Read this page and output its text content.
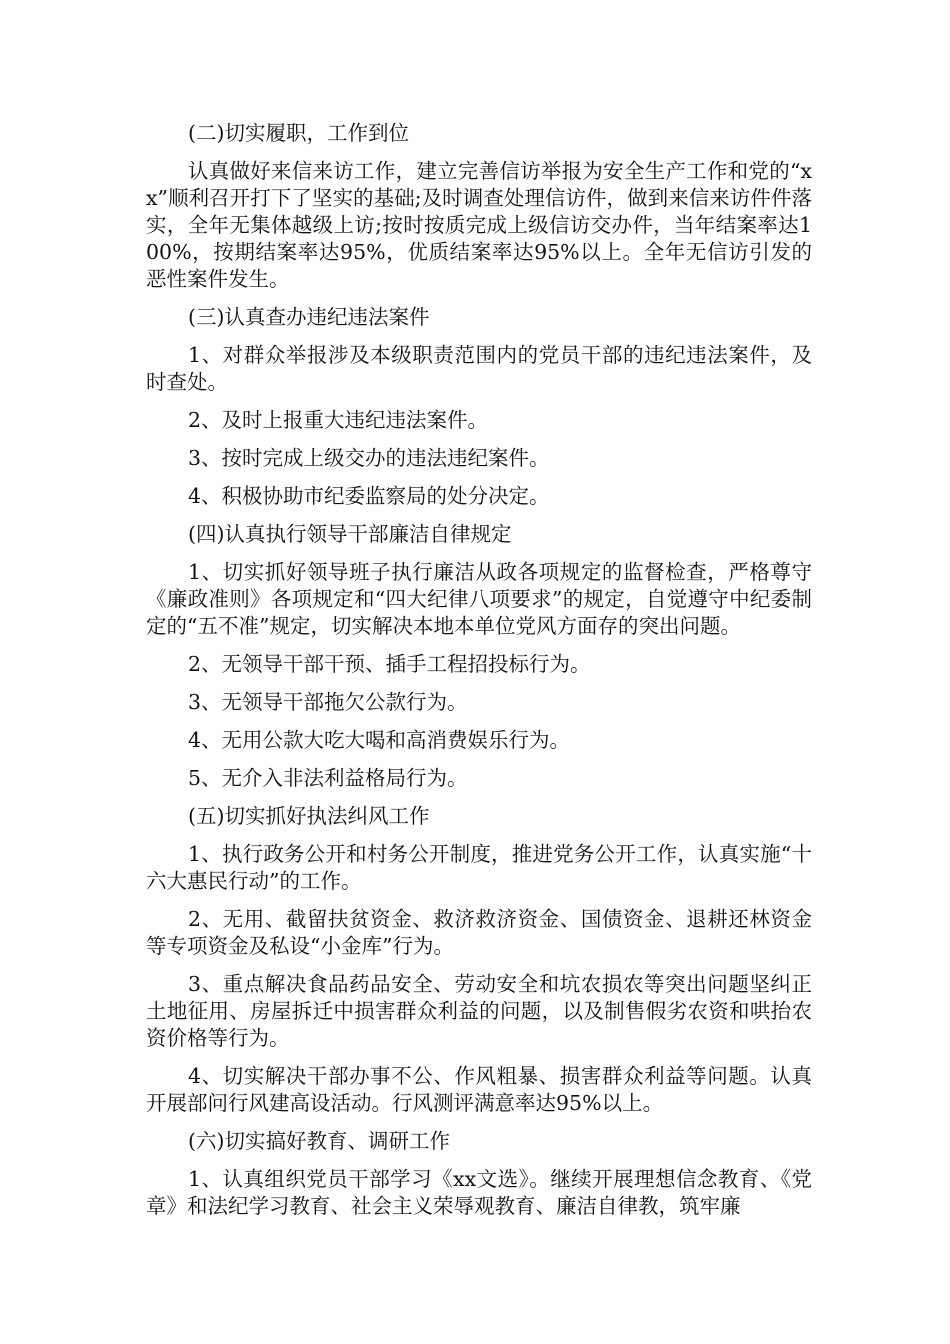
(二)切实履职，工作到位

认真做好来信来访工作，建立完善信访举报为安全生产工作和党的“xx”顺利召开打下了坚实的基础;及时调查处理信访件，做到来信来访件件落实，全年无集体越级上访;按时按质完成上级信访交办件，当年结案率达100%，按期结案率达95%，优质结案率达95%以上。全年无信访引发的恶性案件发生。

(三)认真查办违纪违法案件

1、对群众举报涉及本级职责范围内的党员干部的违纪违法案件，及时查处。

2、及时上报重大违纪违法案件。

3、按时完成上级交办的违法违纪案件。

4、积极协助市纪委监察局的处分决定。

(四)认真执行领导干部廉洁自律规定

1、切实抓好领导班子执行廉洁从政各项规定的监督检查，严格尊守《廉政准则》各项规定和“四大纪律八项要求”的规定，自觉遵守中纪委制定的“五不准”规定，切实解决本地本单位党风方面存的突出问题。

2、无领导干部干预、插手工程招投标行为。

3、无领导干部拖欠公款行为。

4、无用公款大吃大喝和高消费娱乐行为。

5、无介入非法利益格局行为。

(五)切实抓好执法纠风工作

1、执行政务公开和村务公开制度，推进党务公开工作，认真实施“十六大惠民行动”的工作。

2、无用、截留扶贫资金、救济救济资金、国债资金、退耕还林资金等专项资金及私设“小金库”行为。

3、重点解决食品药品安全、劳动安全和坑农损农等突出问题坚纠正土地征用、房屋拆迁中损害群众利益的问题，以及制售假劣农资和哄抬农资价格等行为。

4、切实解决干部办事不公、作风粗暴、损害群众利益等问题。认真开展部问行风建高设活动。行风测评满意率达95%以上。

(六)切实搞好教育、调研工作

1、认真组织党员干部学习《xx文选》。继续开展理想信念教育、《党章》和法纪学习教育、社会主义荣辱观教育、廉洁自律教，筑牢廉
